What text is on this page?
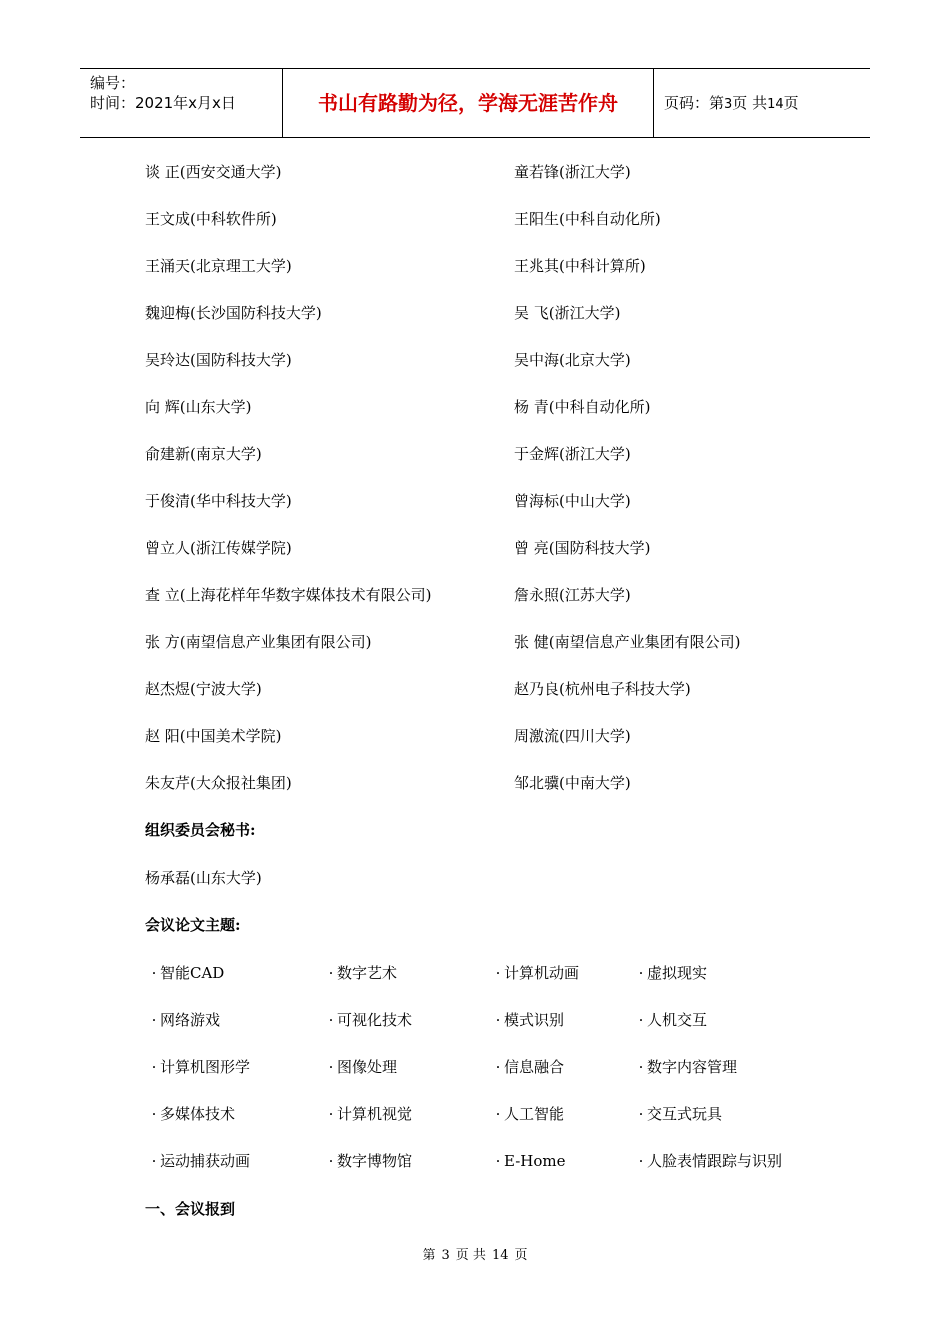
编号：
时间：2021年x月x日	书山有路勤为径，学海无涯苦作舟	页码：第3页 共14页
谈 正(西安交通大学)	童若锋(浙江大学)
王文成(中科软件所)	王阳生(中科自动化所)
王涌天(北京理工大学)	王兆其(中科计算所)
魏迎梅(长沙国防科技大学)	吴 飞(浙江大学)
吴玲达(国防科技大学)	吴中海(北京大学)
向 辉(山东大学)	杨 青(中科自动化所)
俞建新(南京大学)	于金辉(浙江大学)
于俊清(华中科技大学)	曾海标(中山大学)
曾立人(浙江传媒学院)	曾 亮(国防科技大学)
查 立(上海花样年华数字媒体技术有限公司)	詹永照(江苏大学)
张 方(南望信息产业集团有限公司)	张 健(南望信息产业集团有限公司)
赵杰煜(宁波大学)	赵乃良(杭州电子科技大学)
赵 阳(中国美术学院)	周激流(四川大学)
朱友芹(大众报社集团)	邹北骥(中南大学)
组织委员会秘书:
杨承磊(山东大学)
会议论文主题:
· 智能CAD	· 数字艺术	· 计算机动画	· 虚拟现实
· 网络游戏	· 可视化技术	· 模式识别	· 人机交互
· 计算机图形学	· 图像处理	· 信息融合	· 数字内容管理
· 多媒体技术	· 计算机视觉	· 人工智能	· 交互式玩具
· 运动捕获动画	· 数字博物馆	· E-Home	· 人脸表情跟踪与识别
一、会议报到
第 3 页 共 14 页
